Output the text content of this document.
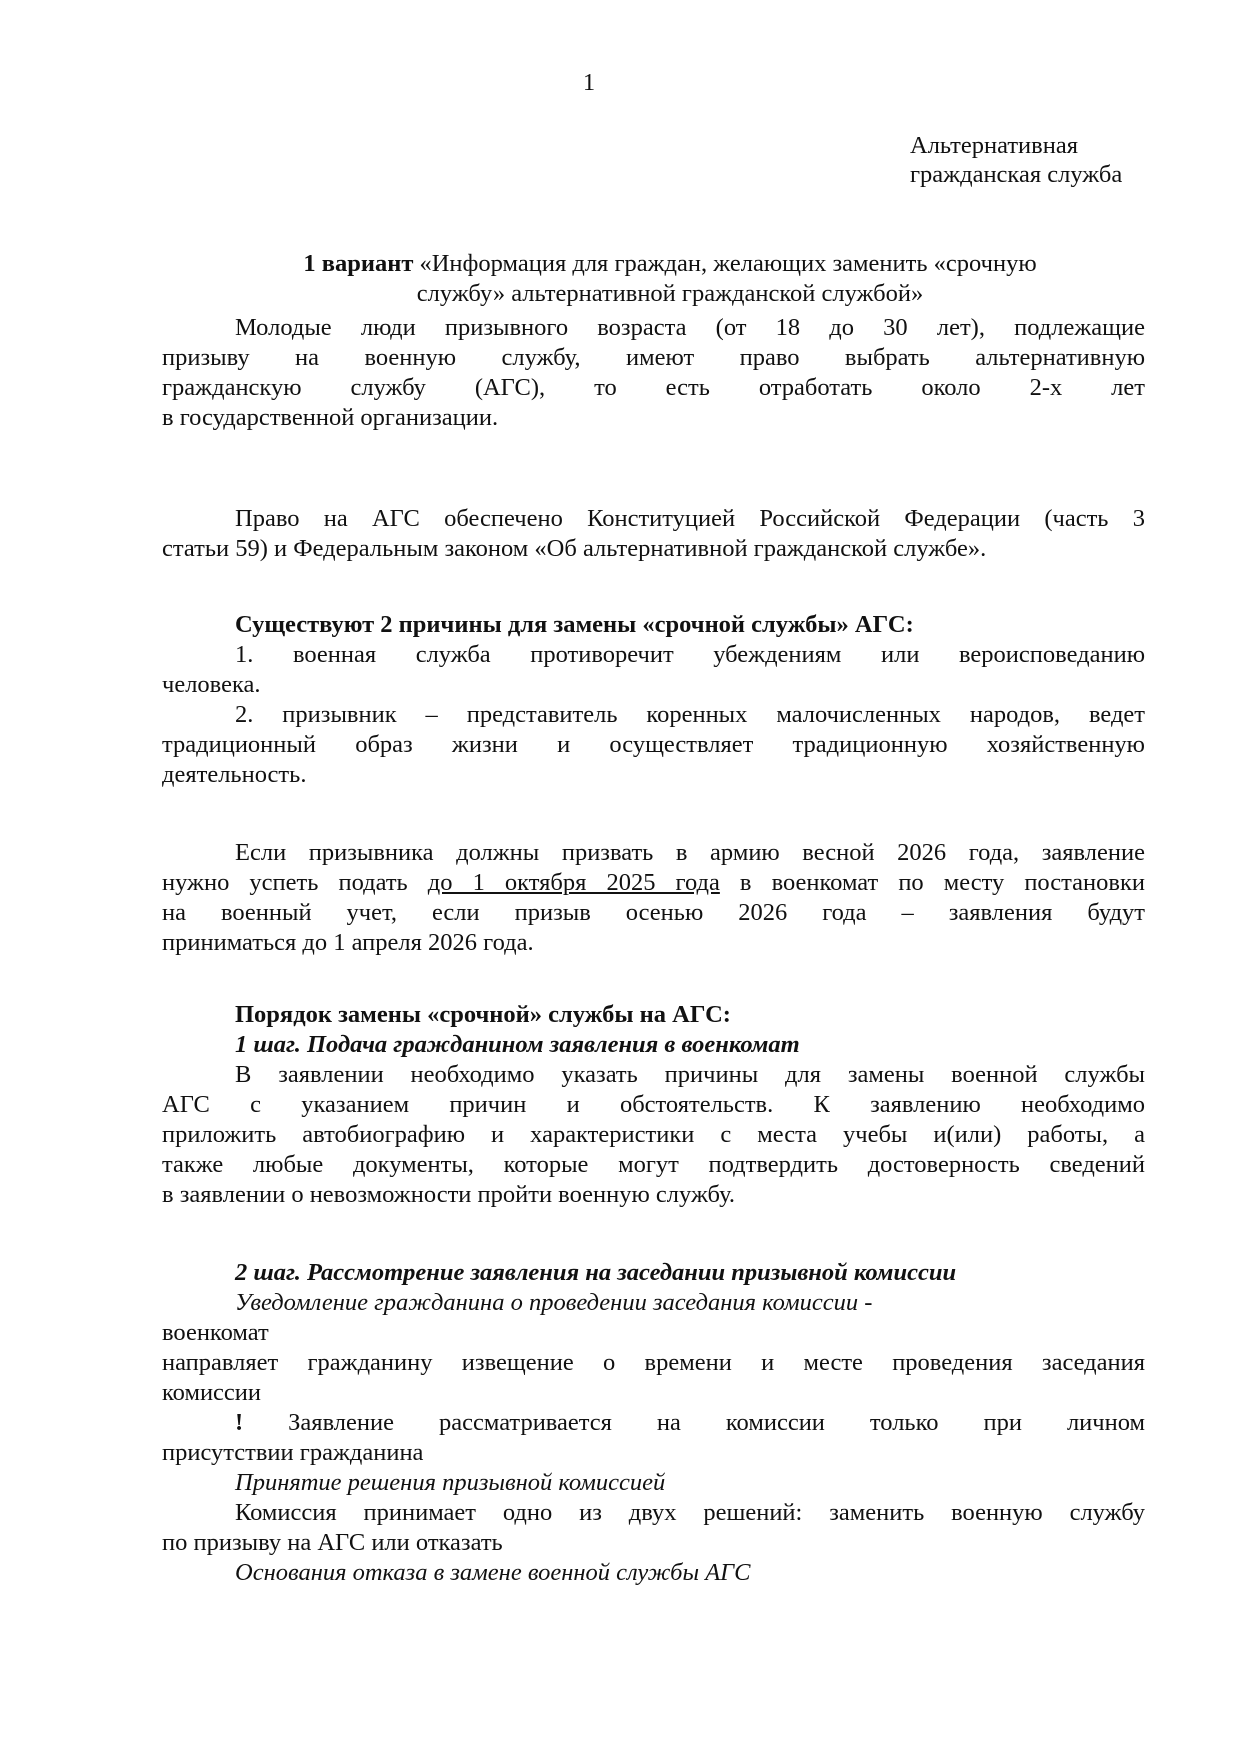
1
Альтернативная
гражданская служба
1 вариант «Информация для граждан, желающих заменить «срочную
службу» альтернативной гражданской службой»
Молодые люди призывного возраста (от 18 до 30 лет), подлежащие
призыву на военную службу, имеют право выбрать альтернативную
гражданскую службу (АГС), то есть отработать около 2-х лет
в государственной организации.
Право на АГС обеспечено Конституцией Российской Федерации (часть 3
статьи 59) и Федеральным законом «Об альтернативной гражданской службе».
Существуют 2 причины для замены «срочной службы» АГС:
1. военная служба противоречит убеждениям или вероисповеданию
человека.
2. призывник – представитель коренных малочисленных народов, ведет
традиционный образ жизни и осуществляет традиционную хозяйственную
деятельность.
Если призывника должны призвать в армию весной 2026 года, заявление
нужно успеть подать до 1 октября 2025 года в военкомат по месту постановки
на военный учет, если призыв осенью 2026 года – заявления будут
приниматься до 1 апреля 2026 года.
Порядок замены «срочной» службы на АГС:
1 шаг. Подача гражданином заявления в военкомат
В заявлении необходимо указать причины для замены военной службы
АГС с указанием причин и обстоятельств. К заявлению необходимо
приложить автобиографию и характеристики с места учебы и(или) работы, а
также любые документы, которые могут подтвердить достоверность сведений
в заявлении о невозможности пройти военную службу.
2 шаг. Рассмотрение заявления на заседании призывной комиссии
Уведомление гражданина о проведении заседания комиссии -
военкомат
направляет гражданину извещение о времени и месте проведения заседания
комиссии
! Заявление рассматривается на комиссии только при личном
присутствии гражданина
Принятие решения призывной комиссией
Комиссия принимает одно из двух решений: заменить военную службу
по призыву на АГС или отказать
Основания отказа в замене военной службы АГС
